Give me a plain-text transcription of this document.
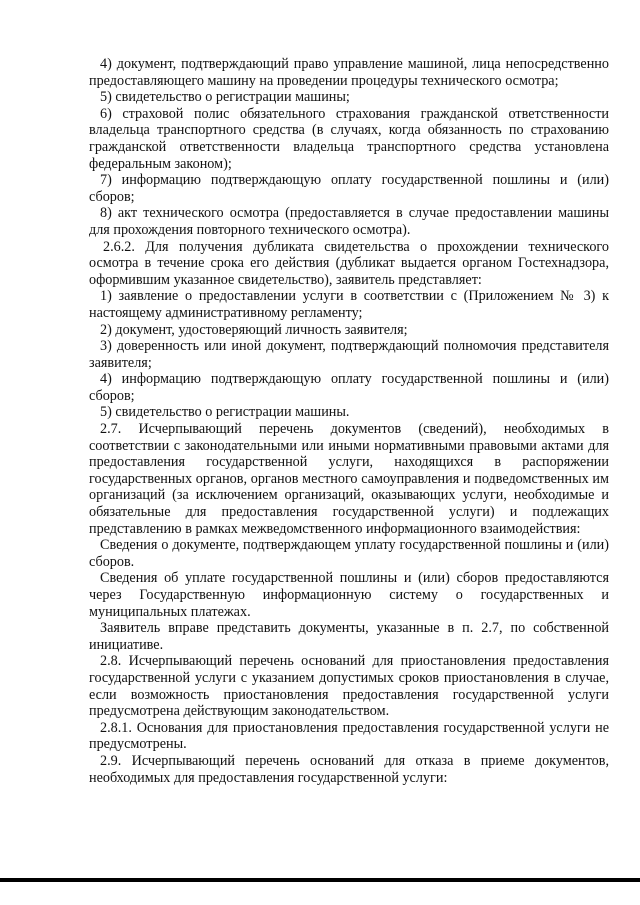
4) документ, подтверждающий право управление машиной, лица непосредственно предоставляющего машину на проведении процедуры технического осмотра;

5) свидетельство о регистрации машины;

6) страховой полис обязательного страхования гражданской ответственности владельца транспортного средства (в случаях, когда обязанность по страхованию гражданской ответственности владельца транспортного средства установлена федеральным законом);

7) информацию подтверждающую оплату государственной пошлины и (или) сборов;

8) акт технического осмотра (предоставляется в случае предоставлении машины для прохождения повторного технического осмотра).

2.6.2. Для получения дубликата свидетельства о прохождении технического осмотра в течение срока его действия (дубликат выдается органом Гостехнадзора, оформившим указанное свидетельство), заявитель представляет:

1) заявление о предоставлении услуги в соответствии с (Приложением № 3) к настоящему административному регламенту;

2) документ, удостоверяющий личность заявителя;

3) доверенность или иной документ, подтверждающий полномочия представителя заявителя;

4) информацию подтверждающую оплату государственной пошлины и (или) сборов;

5) свидетельство о регистрации машины.

2.7. Исчерпывающий перечень документов (сведений), необходимых в соответствии с законодательными или иными нормативными правовыми актами для предоставления государственной услуги, находящихся в распоряжении государственных органов, органов местного самоуправления и подведомственных им организаций (за исключением организаций, оказывающих услуги, необходимые и обязательные для предоставления государственной услуги) и подлежащих представлению в рамках межведомственного информационного взаимодействия:

Сведения о документе, подтверждающем уплату государственной пошлины и (или) сборов.

Сведения об уплате государственной пошлины и (или) сборов предоставляются через Государственную информационную систему о государственных и муниципальных платежах.

Заявитель вправе представить документы, указанные в п. 2.7, по собственной инициативе.

2.8. Исчерпывающий перечень оснований для приостановления предоставления государственной услуги с указанием допустимых сроков приостановления в случае, если возможность приостановления предоставления государственной услуги предусмотрена действующим законодательством.

2.8.1. Основания для приостановления предоставления государственной услуги не предусмотрены.

2.9. Исчерпывающий перечень оснований для отказа в приеме документов, необходимых для предоставления государственной услуги:
